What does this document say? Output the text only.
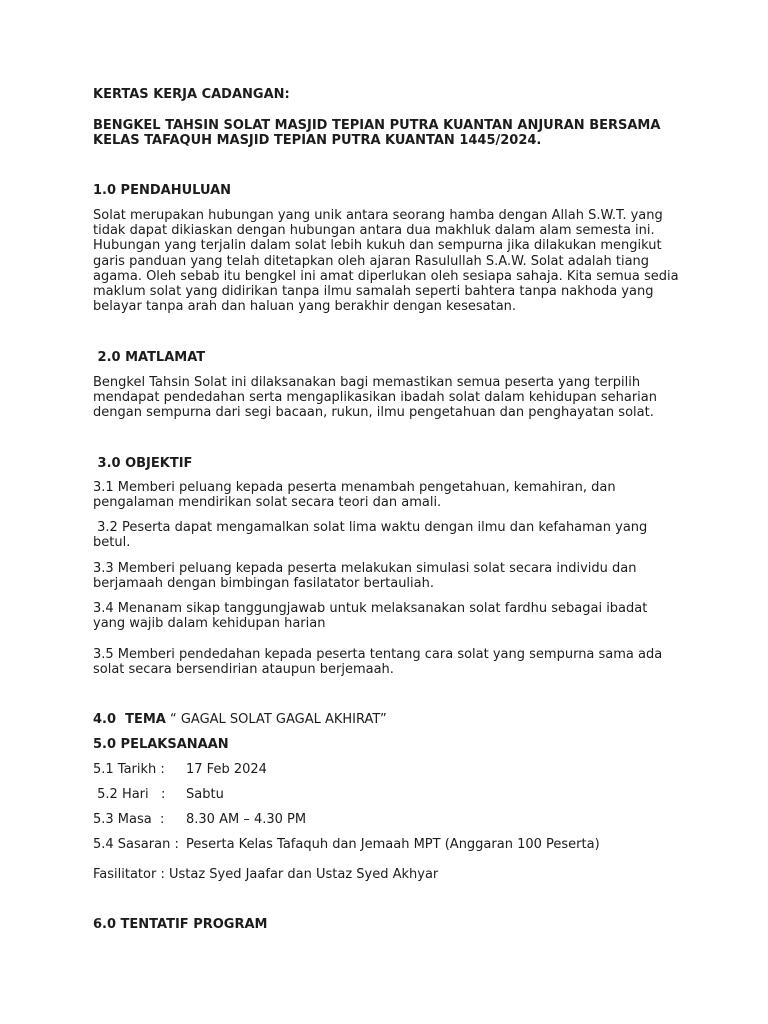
KERTAS KERJA CADANGAN:
BENGKEL TAHSIN SOLAT MASJID TEPIAN PUTRA KUANTAN ANJURAN BERSAMA
KELAS TAFAQUH MASJID TEPIAN PUTRA KUANTAN 1445/2024.
1.0 PENDAHULUAN
Solat merupakan hubungan yang unik antara seorang hamba dengan Allah S.W.T. yang
tidak dapat dikiaskan dengan hubungan antara dua makhluk dalam alam semesta ini.
Hubungan yang terjalin dalam solat lebih kukuh dan sempurna jika dilakukan mengikut
garis panduan yang telah ditetapkan oleh ajaran Rasulullah S.A.W. Solat adalah tiang
agama. Oleh sebab itu bengkel ini amat diperlukan oleh sesiapa sahaja. Kita semua sedia
maklum solat yang didirikan tanpa ilmu samalah seperti bahtera tanpa nakhoda yang
belayar tanpa arah dan haluan yang berakhir dengan kesesatan.
2.0 MATLAMAT
Bengkel Tahsin Solat ini dilaksanakan bagi memastikan semua peserta yang terpilih
mendapat pendedahan serta mengaplikasikan ibadah solat dalam kehidupan seharian
dengan sempurna dari segi bacaan, rukun, ilmu pengetahuan dan penghayatan solat.
3.0 OBJEKTIF
3.1 Memberi peluang kepada peserta menambah pengetahuan, kemahiran, dan
pengalaman mendirikan solat secara teori dan amali.
3.2 Peserta dapat mengamalkan solat lima waktu dengan ilmu dan kefahaman yang
betul.
3.3 Memberi peluang kepada peserta melakukan simulasi solat secara individu dan
berjamaah dengan bimbingan fasilatator bertauliah.
3.4 Menanam sikap tanggungjawab untuk melaksanakan solat fardhu sebagai ibadat
yang wajib dalam kehidupan harian
3.5 Memberi pendedahan kepada peserta tentang cara solat yang sempurna sama ada
solat secara bersendirian ataupun berjemaah.
4.0  TEMA “ GAGAL SOLAT GAGAL AKHIRAT”
5.0 PELAKSANAAN
5.1 Tarikh : 17 Feb 2024
5.2 Hari   : Sabtu
5.3 Masa  : 8.30 AM – 4.30 PM
5.4 Sasaran : Peserta Kelas Tafaquh dan Jemaah MPT (Anggaran 100 Peserta)
Fasilitator : Ustaz Syed Jaafar dan Ustaz Syed Akhyar
6.0 TENTATIF PROGRAM
